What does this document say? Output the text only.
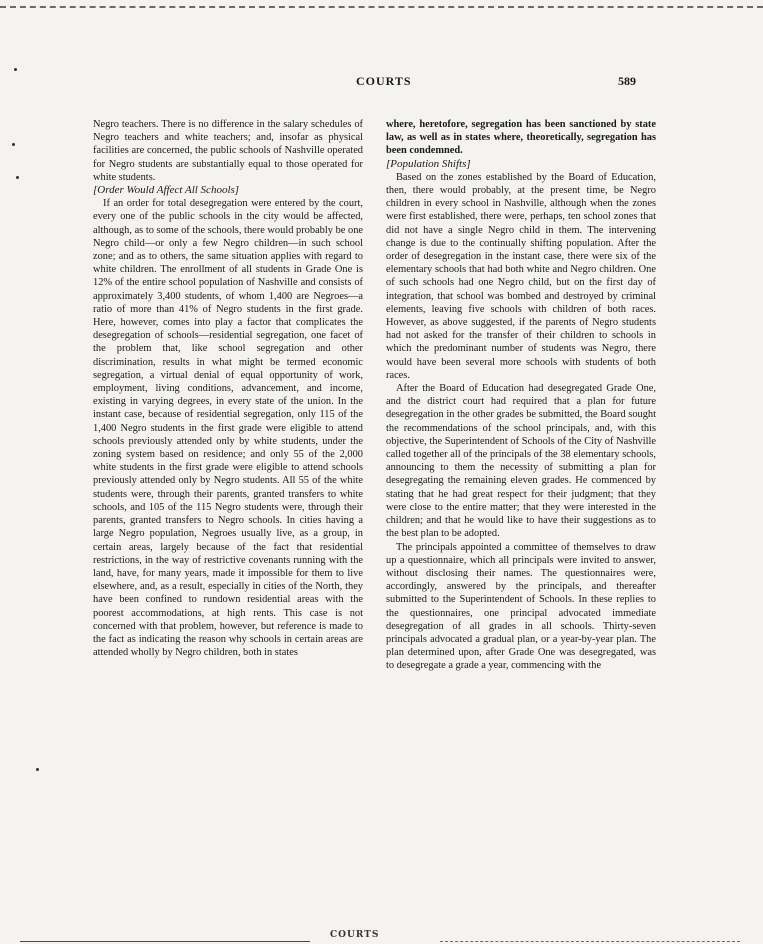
COURTS	589

Negro teachers. There is no difference in the salary schedules of Negro teachers and white teachers; and, insofar as physical facilities are concerned, the public schools of Nashville operated for Negro students are substantially equal to those operated for white students.

[Order Would Affect All Schools]

If an order for total desegregation were entered by the court, every one of the public schools in the city would be affected, although, as to some of the schools, there would probably be one Negro child—or only a few Negro children—in such school zone; and as to others, the same situation applies with regard to white children. The enrollment of all students in Grade One is 12% of the entire school population of Nashville and consists of approximately 3,400 students, of whom 1,400 are Negroes—a ratio of more than 41% of Negro students in the first grade. Here, however, comes into play a factor that complicates the desegregation of schools—residential segregation, one facet of the problem that, like school segregation and other discrimination, results in what might be termed economic segregation, a virtual denial of equal opportunity of work, employment, living conditions, advancement, and income, existing in varying degrees, in every state of the union. In the instant case, because of residential segregation, only 115 of the 1,400 Negro students in the first grade were eligible to attend schools previously attended only by white students, under the zoning system based on residence; and only 55 of the 2,000 white students in the first grade were eligible to attend schools previously attended only by Negro students. All 55 of the white students were, through their parents, granted transfers to white schools, and 105 of the 115 Negro students were, through their parents, granted transfers to Negro schools. In cities having a large Negro population, Negroes usually live, as a group, in certain areas, largely because of the fact that residential restrictions, in the way of restrictive covenants running with the land, have, for many years, made it impossible for them to live elsewhere, and, as a result, especially in cities of the North, they have been confined to rundown residential areas with the poorest accommodations, at high rents. This case is not concerned with that problem, however, but reference is made to the fact as indicating the reason why schools in certain areas are attended wholly by Negro children, both in states

where, heretofore, segregation has been sanctioned by state law, as well as in states where, theoretically, segregation has been condemned.

[Population Shifts]

Based on the zones established by the Board of Education, then, there would probably, at the present time, be Negro children in every school in Nashville, although when the zones were first established, there were, perhaps, ten school zones that did not have a single Negro child in them. The intervening change is due to the continually shifting population. After the order of desegregation in the instant case, there were six of the elementary schools that had both white and Negro children. One of such schools had one Negro child, but on the first day of integration, that school was bombed and destroyed by criminal elements, leaving five schools with children of both races. However, as above suggested, if the parents of Negro students had not asked for the transfer of their children to schools in which the predominant number of students was Negro, there would have been several more schools with students of both races.

After the Board of Education had desegregated Grade One, and the district court had required that a plan for future desegregation in the other grades be submitted, the Board sought the recommendations of the school principals, and, with this objective, the Superintendent of Schools of the City of Nashville called together all of the principals of the 38 elementary schools, announcing to them the necessity of submitting a plan for desegregating the remaining eleven grades. He commenced by stating that he had great respect for their judgment; that they were close to the entire matter; that they were interested in the children; and that he would like to have their suggestions as to the best plan to be adopted.

The principals appointed a committee of themselves to draw up a questionnaire, which all principals were invited to answer, without disclosing their names. The questionnaires were, accordingly, answered by the principals, and thereafter submitted to the Superintendent of Schools. In these replies to the questionnaires, one principal advocated immediate desegregation of all grades in all schools. Thirty-seven principals advocated a gradual plan, or a year-by-year plan. The plan determined upon, after Grade One was desegregated, was to desegregate a grade a year, commencing with the

COURTS
